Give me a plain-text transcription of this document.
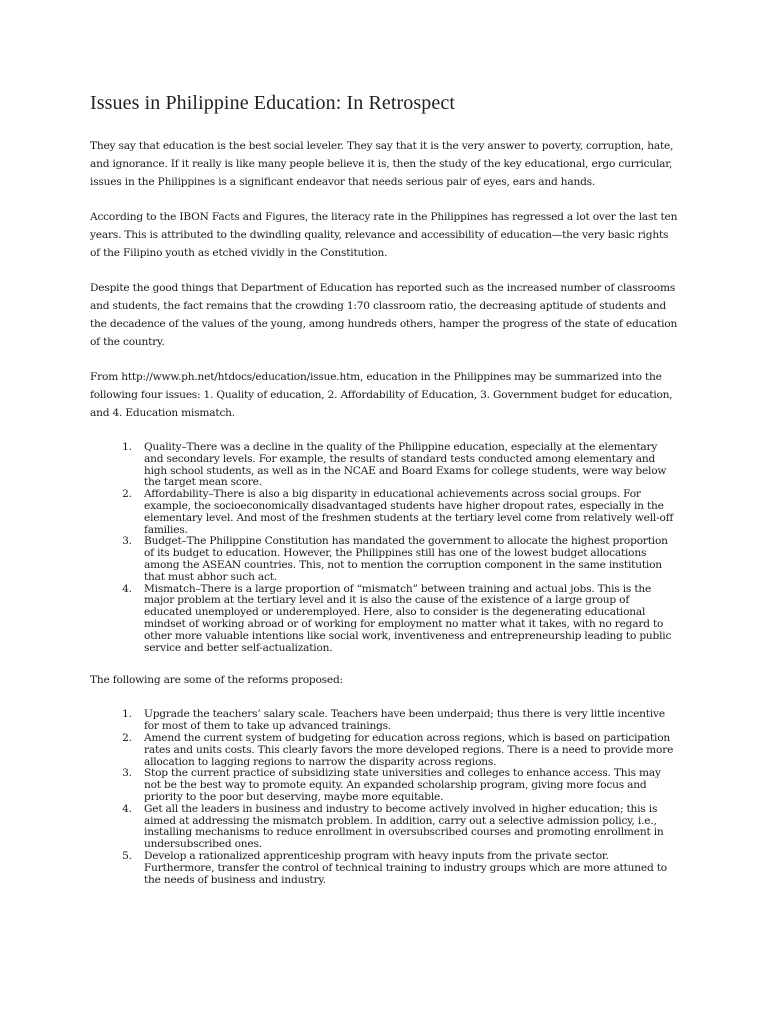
Issues in Philippine Education: In Retrospect

They say that education is the best social leveler. They say that it is the very answer to poverty, corruption, hate, and ignorance. If it really is like many people believe it is, then the study of the key educational, ergo curricular, issues in the Philippines is a significant endeavor that needs serious pair of eyes, ears and hands.

According to the IBON Facts and Figures, the literacy rate in the Philippines has regressed a lot over the last ten years. This is attributed to the dwindling quality, relevance and accessibility of education—the very basic rights of the Filipino youth as etched vividly in the Constitution.

Despite the good things that Department of Education has reported such as the increased number of classrooms and students, the fact remains that the crowding 1:70 classroom ratio, the decreasing aptitude of students and the decadence of the values of the young, among hundreds others, hamper the progress of the state of education of the country.

From http://www.ph.net/htdocs/education/issue.htm, education in the Philippines may be summarized into the following four issues: 1. Quality of education, 2. Affordability of Education, 3. Government budget for education, and 4. Education mismatch.

1. Quality–There was a decline in the quality of the Philippine education, especially at the elementary and secondary levels. For example, the results of standard tests conducted among elementary and high school students, as well as in the NCAE and Board Exams for college students, were way below the target mean score.
2. Affordability–There is also a big disparity in educational achievements across social groups. For example, the socioeconomically disadvantaged students have higher dropout rates, especially in the elementary level. And most of the freshmen students at the tertiary level come from relatively well-off families.
3. Budget–The Philippine Constitution has mandated the government to allocate the highest proportion of its budget to education. However, the Philippines still has one of the lowest budget allocations among the ASEAN countries. This, not to mention the corruption component in the same institution that must abhor such act.
4. Mismatch–There is a large proportion of “mismatch” between training and actual jobs. This is the major problem at the tertiary level and it is also the cause of the existence of a large group of educated unemployed or underemployed. Here, also to consider is the degenerating educational mindset of working abroad or of working for employment no matter what it takes, with no regard to other more valuable intentions like social work, inventiveness and entrepreneurship leading to public service and better self-actualization.

The following are some of the reforms proposed:

1. Upgrade the teachers’ salary scale. Teachers have been underpaid; thus there is very little incentive for most of them to take up advanced trainings.
2. Amend the current system of budgeting for education across regions, which is based on participation rates and units costs. This clearly favors the more developed regions. There is a need to provide more allocation to lagging regions to narrow the disparity across regions.
3. Stop the current practice of subsidizing state universities and colleges to enhance access. This may not be the best way to promote equity. An expanded scholarship program, giving more focus and priority to the poor but deserving, maybe more equitable.
4. Get all the leaders in business and industry to become actively involved in higher education; this is aimed at addressing the mismatch problem. In addition, carry out a selective admission policy, i.e., installing mechanisms to reduce enrollment in oversubscribed courses and promoting enrollment in undersubscribed ones.
5. Develop a rationalized apprenticeship program with heavy inputs from the private sector. Furthermore, transfer the control of technical training to industry groups which are more attuned to the needs of business and industry.
